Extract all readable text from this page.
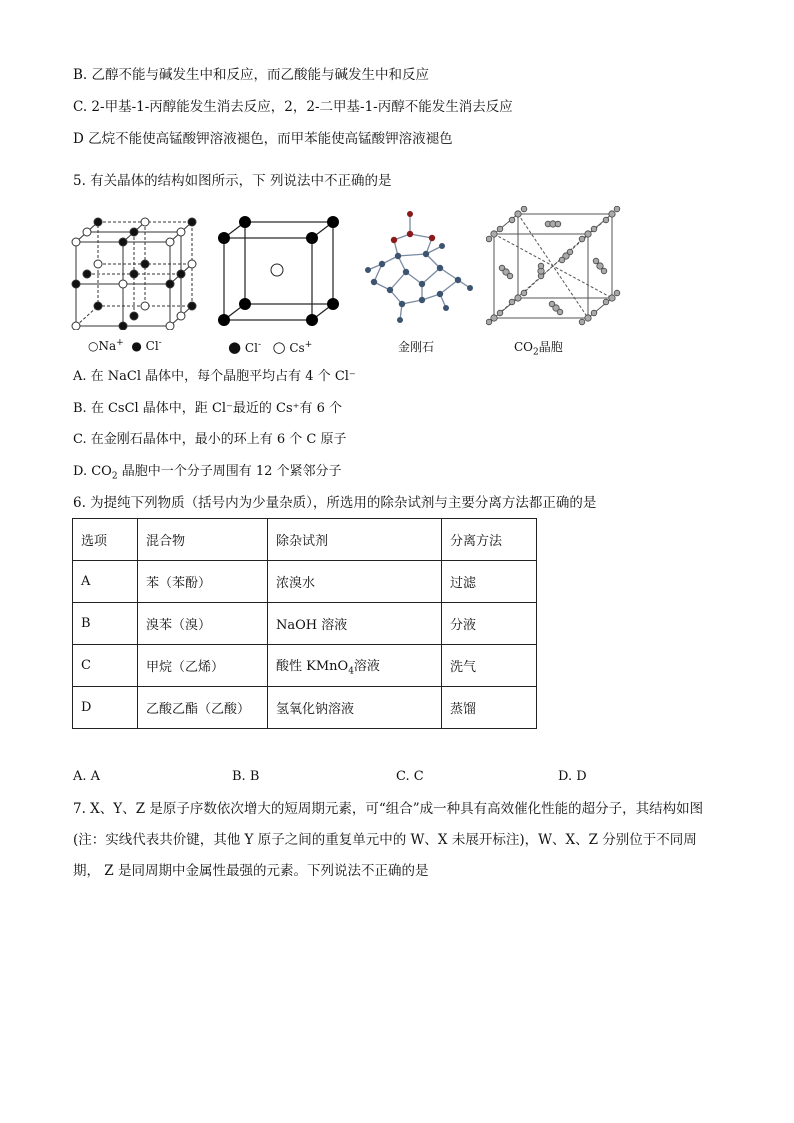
B. 乙醇不能与碱发生中和反应，而乙酸能与碱发生中和反应
C. 2-甲基-1-丙醇能发生消去反应，2，2-二甲基-1-丙醇不能发生消去反应
D 乙烷不能使高锰酸钾溶液褪色，而甲苯能使高锰酸钾溶液褪色
5. 有关晶体的结构如图所示，下 列说法中不正确的是
○Na+ ● Cl-	● Cl- ○ Cs+	金刚石	$CO_2$晶胞
A. 在 NaCl 晶体中，每个晶胞平均占有 4 个 Cl⁻
B. 在 CsCl 晶体中，距 Cl⁻最近的 Cs⁺有 6 个
C. 在金刚石晶体中，最小的环上有 6 个 C 原子
D. $CO_2$ 晶胞中一个分子周围有 12 个紧邻分子
6. 为提纯下列物质（括号内为少量杂质），所选用的除杂试剂与主要分离方法都正确的是
选项	混合物	除杂试剂	分离方法
A	苯（苯酚）	浓溴水	过滤
B	溴苯（溴）	NaOH 溶液	分液
C	甲烷（乙烯）	酸性 KMnO$_4$溶液	洗气
D	乙酸乙酯（乙酸）	氢氧化钠溶液	蒸馏
A. A	B. B	C. C	D. D
7. X、Y、Z 是原子序数依次增大的短周期元素，可“组合”成一种具有高效催化性能的超分子，其结构如图
(注：实线代表共价键，其他 Y 原子之间的重复单元中的 W、X 未展开标注)，W、X、Z 分别位于不同周
期， Z 是同周期中金属性最强的元素。下列说法不正确的是
